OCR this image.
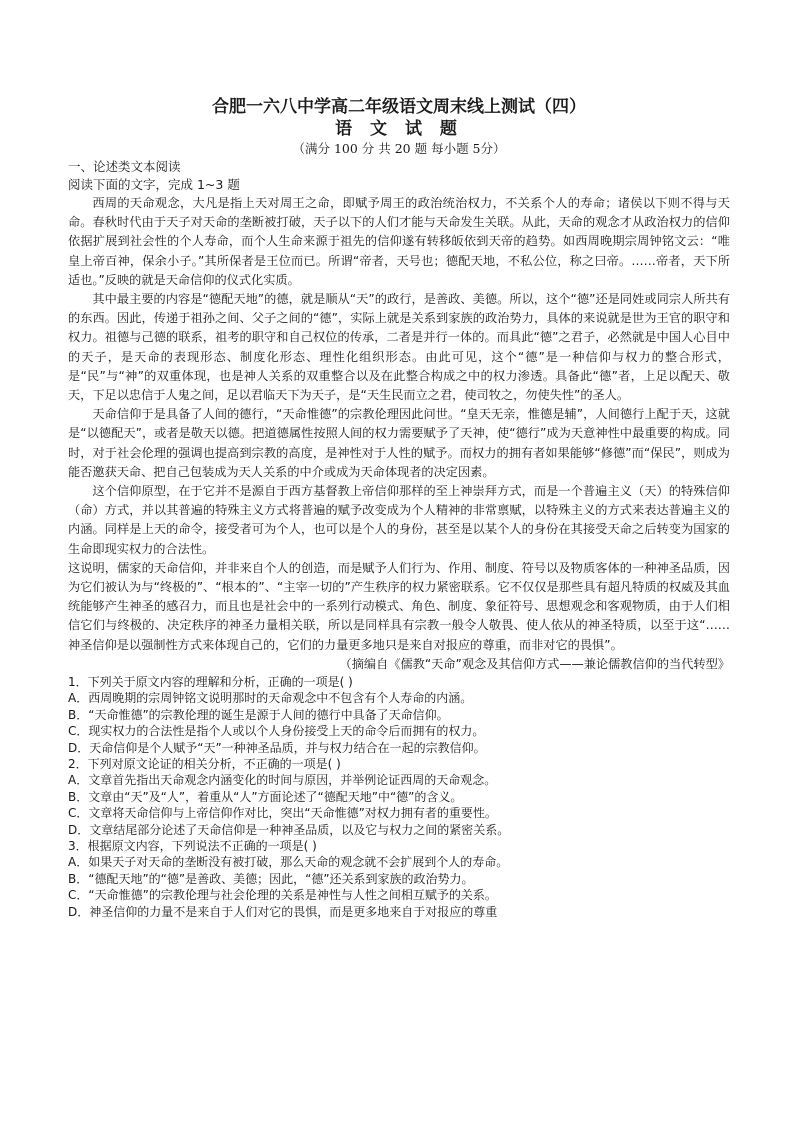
合肥一六八中学高二年级语文周末线上测试（四）

语 文 试 题

（满分 100 分 共 20 题 每小题 5分）

一、论述类文本阅读

阅读下面的文字，完成 1~3 题

西周的天命观念，大凡是指上天对周王之命，即赋予周王的政治统治权力，不关系个人的寿命；诸侯以下则不得与天命。春秋时代由于天子对天命的垄断被打破，天子以下的人们才能与天命发生关联。从此，天命的观念才从政治权力的信仰依据扩展到社会性的个人寿命，而个人生命来源于祖先的信仰遂有转移皈依到天帝的趋势。如西周晚期宗周钟铭文云：“唯皇上帝百神，保余小子。”其所保者是王位而已。所谓“帝者，天号也；德配天地，不私公位，称之曰帝。……帝者，天下所适也。”反映的就是天命信仰的仪式化实质。

其中最主要的内容是“德配天地”的德，就是顺从“天”的政行，是善政、美德。所以，这个“德”还是同姓或同宗人所共有的东西。因此，传递于祖孙之间、父子之间的“德”，实际上就是关系到家族的政治势力，具体的来说就是世为王官的职守和权力。祖德与己德的联系，祖考的职守和自己权位的传承，二者是并行一体的。而具此“德”之君子，必然就是中国人心目中的天子，是天命的表现形态、制度化形态、理性化组织形态。由此可见，这个“德”是一种信仰与权力的整合形式，是“民”与“神”的双重体现，也是神人关系的双重整合以及在此整合构成之中的权力渗透。具备此“德”者，上足以配天、敬天，下足以忠信于人鬼之间，足以君临天下为天子，是“天生民而立之君，使司牧之，勿使失性”的圣人。

天命信仰于是具备了人间的德行，“天命惟德”的宗教伦理因此问世。“皇天无亲，惟德是辅”，人间德行上配于天，这就是“以德配天”，或者是敬天以德。把道德属性按照人间的权力需要赋予了天神，使“德行”成为天意神性中最重要的构成。同时，对于社会伦理的强调也提高到宗教的高度，是神性对于人性的赋予。而权力的拥有者如果能够“修德”而“保民”，则成为能否邀获天命、把自己包装成为天人关系的中介或成为天命体现者的决定因素。

这个信仰原型，在于它并不是源自于西方基督教上帝信仰那样的至上神崇拜方式，而是一个普遍主义（天）的特殊信仰（命）方式，并以其普遍的特殊主义方式将普遍的赋予改变成为个人精神的非常禀赋，以特殊主义的方式来表达普遍主义的内涵。同样是上天的命令，接受者可为个人，也可以是个人的身份，甚至是以某个人的身份在其接受天命之后转变为国家的生命即现实权力的合法性。

这说明，儒家的天命信仰，并非来自个人的创造，而是赋予人们行为、作用、制度、符号以及物质客体的一种神圣品质，因为它们被认为与“终极的”、“根本的”、“主宰一切的”产生秩序的权力紧密联系。它不仅仅是那些具有超凡特质的权威及其血统能够产生神圣的感召力，而且也是社会中的一系列行动模式、角色、制度、象征符号、思想观念和客观物质，由于人们相信它们与终极的、决定秩序的神圣力量相关联，所以是同样具有宗教一般令人敬畏、使人依从的神圣特质，以至于这“……神圣信仰是以强制性方式来体现自己的，它们的力量更多地只是来自对报应的尊重，而非对它的畏惧”。

（摘编自《儒教“天命”观念及其信仰方式——兼论儒教信仰的当代转型》

1．下列关于原文内容的理解和分析，正确的一项是( )

A．西周晚期的宗周钟铭文说明那时的天命观念中不包含有个人寿命的内涵。

B．“天命惟德”的宗教伦理的诞生是源于人间的德行中具备了天命信仰。

C．现实权力的合法性是指个人或以个人身份接受上天的命令后而拥有的权力。

D．天命信仰是个人赋予“天”一种神圣品质，并与权力结合在一起的宗教信仰。

2．下列对原文论证的相关分析，不正确的一项是( )

A．文章首先指出天命观念内涵变化的时间与原因，并举例论证西周的天命观念。

B．文章由“天”及“人”，着重从“人”方面论述了“德配天地”中“德”的含义。

C．文章将天命信仰与上帝信仰作对比，突出“天命惟德”对权力拥有者的重要性。

D．文章结尾部分论述了天命信仰是一种神圣品质，以及它与权力之间的紧密关系。

3．根据原文内容，下列说法不正确的一项是( )

A．如果天子对天命的垄断没有被打破，那么天命的观念就不会扩展到个人的寿命。

B．“德配天地”的“德”是善政、美德；因此，“德”还关系到家族的政治势力。

C．“天命惟德”的宗教伦理与社会伦理的关系是神性与人性之间相互赋予的关系。

D．神圣信仰的力量不是来自于人们对它的畏惧，而是更多地来自于对报应的尊重
